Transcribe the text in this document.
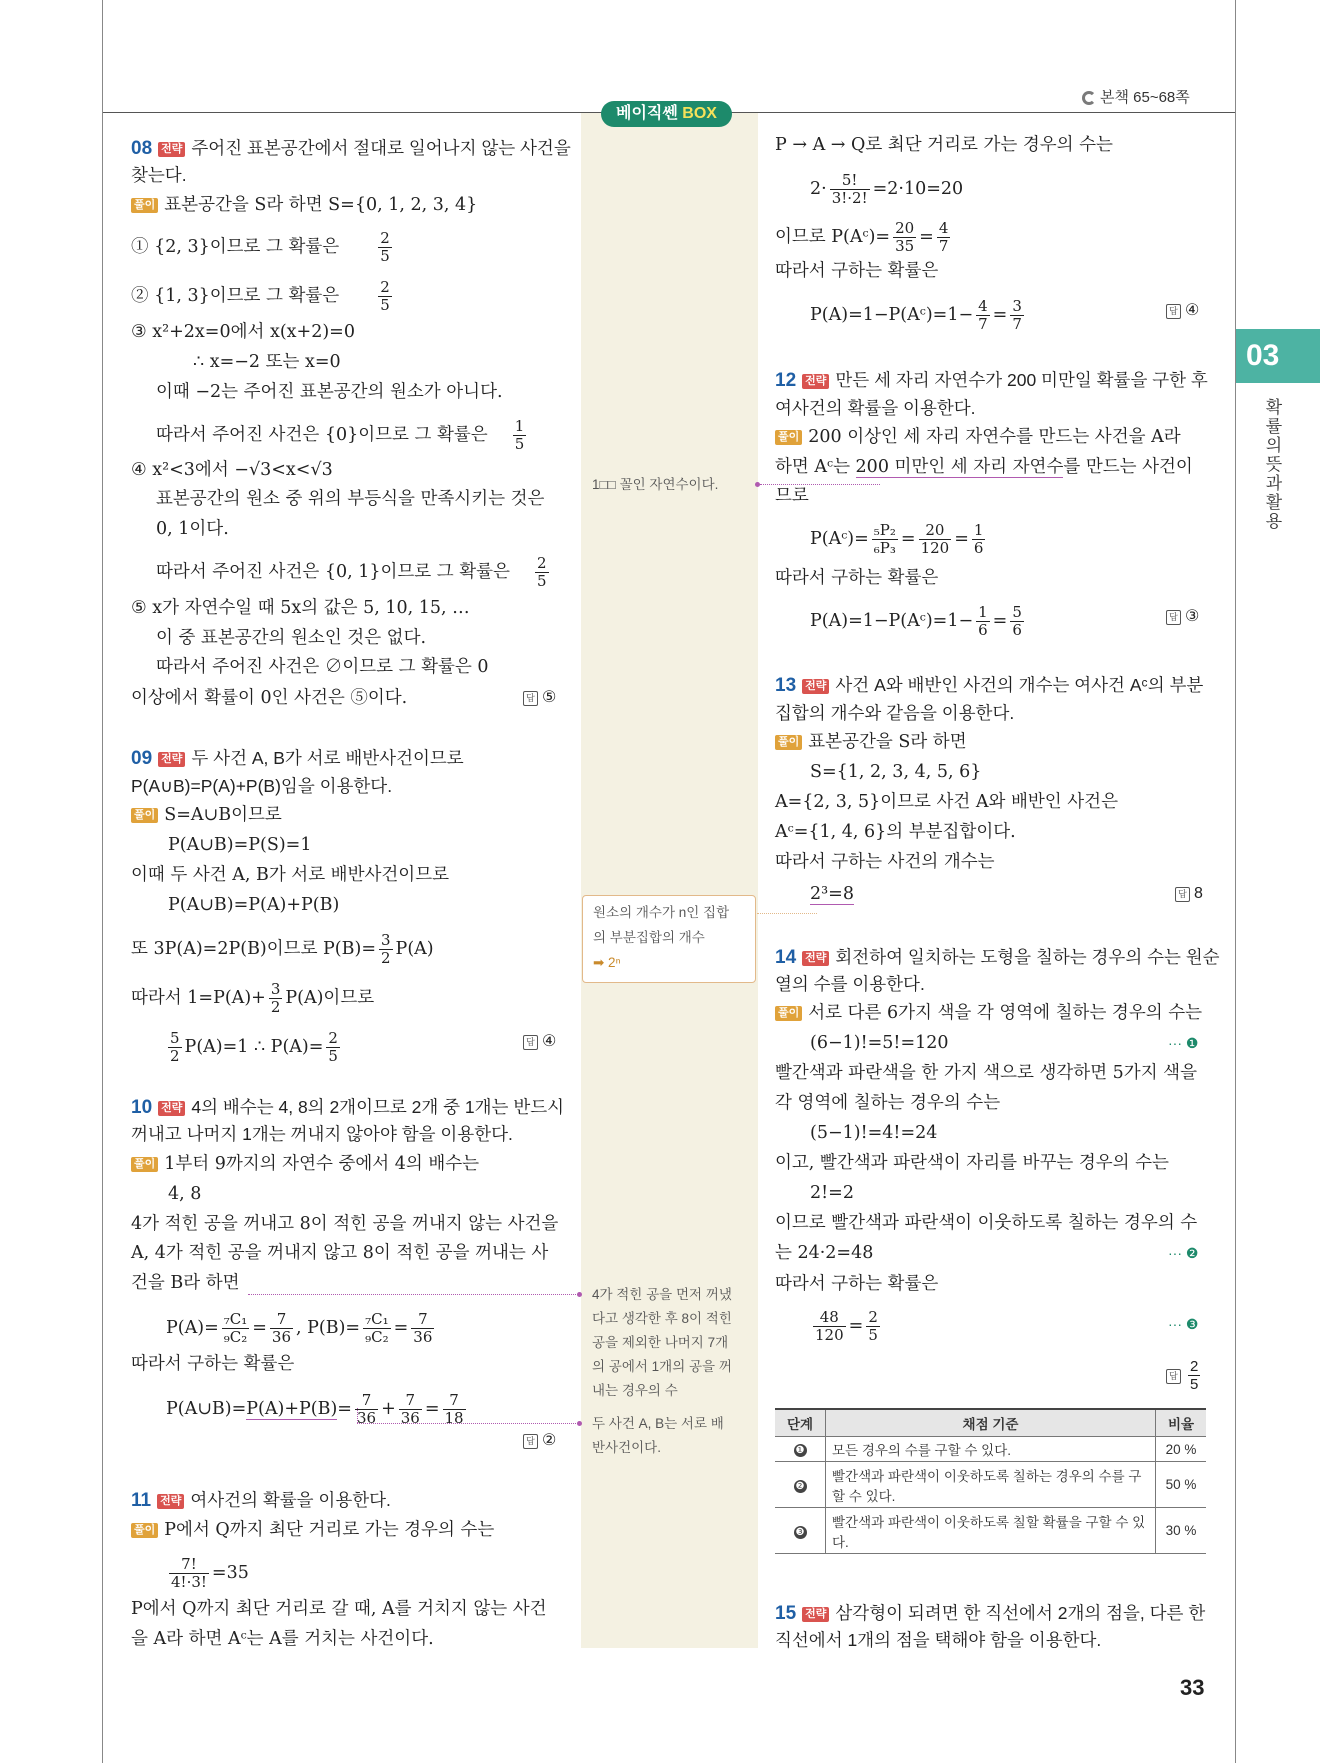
본책 65~68쪽
베이직쎈 BOX
03
확률의 뜻과 활용
33
08 전략 주어진 표본공간에서 절대로 일어나지 않는 사건을
찾는다.
풀이 표본공간을 S라 하면 S={0, 1, 2, 3, 4}
① {2, 3}이므로 그 확률은	$\frac{2}{5}$
② {1, 3}이므로 그 확률은	$\frac{2}{5}$
③ x²+2x=0에서 x(x+2)=0
∴ x=−2 또는 x=0
이때 −2는 주어진 표본공간의 원소가 아니다.
따라서 주어진 사건은 {0}이므로 그 확률은 $\frac{1}{5}$
④ x²<3에서 −√3<x<√3
표본공간의 원소 중 위의 부등식을 만족시키는 것은
0, 1이다.
따라서 주어진 사건은 {0, 1}이므로 그 확률은 $\frac{2}{5}$
⑤ x가 자연수일 때 5x의 값은 5, 10, 15, …
이 중 표본공간의 원소인 것은 없다.
따라서 주어진 사건은 ∅이므로 그 확률은 0
이상에서 확률이 0인 사건은 ⑤이다.	답 ⑤
09 전략 두 사건 A, B가 서로 배반사건이므로
P(A∪B)=P(A)+P(B)임을 이용한다.
풀이 S=A∪B이므로
P(A∪B)=P(S)=1
이때 두 사건 A, B가 서로 배반사건이므로
P(A∪B)=P(A)+P(B)
또 3P(A)=2P(B)이므로 $P(B)= \frac{3}{2} P(A)$
따라서 $1=P(A)+ \frac{3}{2} P(A)$이므로
$\frac{5}{2} P(A)=1$ ∴ $P(A)= \frac{2}{5}$	답 ④
10 전략 4의 배수는 4, 8의 2개이므로 2개 중 1개는 반드시
꺼내고 나머지 1개는 꺼내지 않아야 함을 이용한다.
풀이 1부터 9까지의 자연수 중에서 4의 배수는
4, 8
4가 적힌 공을 꺼내고 8이 적힌 공을 꺼내지 않는 사건을
A, 4가 적힌 공을 꺼내지 않고 8이 적힌 공을 꺼내는 사
건을 B라 하면
$P(A)= \frac{\text{₇C₁}}{\text{₉C₂}} = \frac{7}{36}$ , $P(B)= \frac{\text{₇C₁}}{\text{₉C₂}} = \frac{7}{36}$
따라서 구하는 확률은
P(A∪B)=P(A)+P(B)= $\frac{7}{36} + \frac{7}{36} = \frac{7}{18}$
답 ②
11 전략 여사건의 확률을 이용한다.
풀이 P에서 Q까지 최단 거리로 가는 경우의 수는
$\frac{7!}{4!\cdot 3!} =35$
P에서 Q까지 최단 거리로 갈 때, A를 거치지 않는 사건
을 A라 하면 Aᶜ는 A를 거치는 사건이다.
1□□ 꼴인 자연수이다.
원소의 개수가 n인 집합
의 부분집합의 개수
➡ 2ⁿ
4가 적힌 공을 먼저 꺼냈
다고 생각한 후 8이 적힌
공을 제외한 나머지 7개
의 공에서 1개의 공을 꺼
내는 경우의 수
두 사건 A, B는 서로 배
반사건이다.
P → A → Q로 최단 거리로 가는 경우의 수는
$2\cdot \frac{5!}{3!\cdot 2!} =2\cdot 10=20$
이므로 P(Aᶜ)= $\frac{20}{35} = \frac{4}{7}$
따라서 구하는 확률은
P(A)=1−P(Aᶜ)=1− $\frac{4}{7} = \frac{3}{7}$	답 ④
12 전략 만든 세 자리 자연수가 200 미만일 확률을 구한 후
여사건의 확률을 이용한다.
풀이 200 이상인 세 자리 자연수를 만드는 사건을 A라
하면 Aᶜ는 200 미만인 세 자리 자연수를 만드는 사건이
므로
P(Aᶜ)= $\frac{\text{₅P₂}}{\text{₆P₃}} = \frac{20}{120} = \frac{1}{6}$
따라서 구하는 확률은
P(A)=1−P(Aᶜ)=1− $\frac{1}{6} = \frac{5}{6}$	답 ③
13 전략 사건 A와 배반인 사건의 개수는 여사건 Aᶜ의 부분
집합의 개수와 같음을 이용한다.
풀이 표본공간을 S라 하면
S={1, 2, 3, 4, 5, 6}
A={2, 3, 5}이므로 사건 A와 배반인 사건은
Aᶜ={1, 4, 6}의 부분집합이다.
따라서 구하는 사건의 개수는
2³=8	답 8
14 전략 회전하여 일치하는 도형을 칠하는 경우의 수는 원순
열의 수를 이용한다.
풀이 서로 다른 6가지 색을 각 영역에 칠하는 경우의 수는
(6−1)!=5!=120	··· ❶
빨간색과 파란색을 한 가지 색으로 생각하면 5가지 색을
각 영역에 칠하는 경우의 수는
(5−1)!=4!=24
이고, 빨간색과 파란색이 자리를 바꾸는 경우의 수는
2!=2
이므로 빨간색과 파란색이 이웃하도록 칠하는 경우의 수
는 24·2=48	··· ❷
따라서 구하는 확률은
$\frac{48}{120} = \frac{2}{5}$	··· ❸
답 $\frac{2}{5}$
단계	채점 기준	비율
❶	모든 경우의 수를 구할 수 있다.	20 %
❷	빨간색과 파란색이 이웃하도록 칠하는 경우의 수를 구할 수 있다.	50 %
❸	빨간색과 파란색이 이웃하도록 칠할 확률을 구할 수 있다.	30 %
15 전략 삼각형이 되려면 한 직선에서 2개의 점을, 다른 한
직선에서 1개의 점을 택해야 함을 이용한다.
